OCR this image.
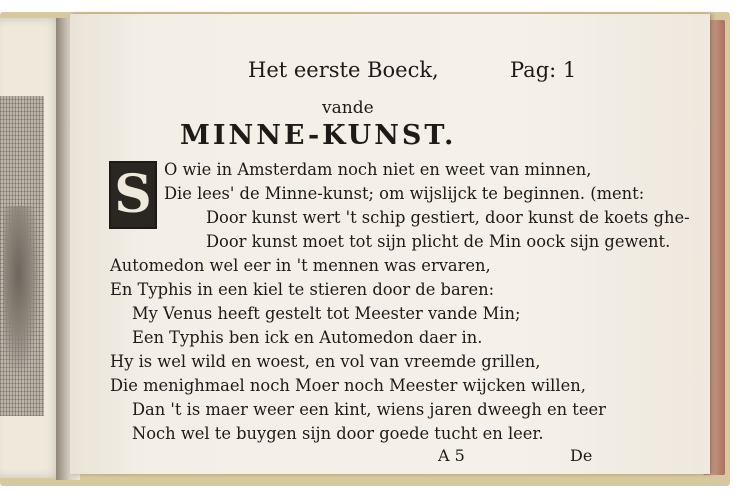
Het eerste Boeck,	Pag: 1
vande
MINNE-KUNST.
S O wie in Amsterdam noch niet en weet van minnen,
Die lees' de Minne-kunst; om wijslijck te beginnen. (ment:
Door kunst wert 't schip gestiert, door kunst de koets ghe-
Door kunst moet tot sijn plicht de Min oock sijn gewent.
Automedon wel eer in 't mennen was ervaren,
En Typhis in een kiel te stieren door de baren:
My Venus heeft gestelt tot Meester vande Min;
Een Typhis ben ick en Automedon daer in.
Hy is wel wild en woest, en vol van vreemde grillen,
Die menighmael noch Moer noch Meester wijcken willen,
Dan 't is maer weer een kint, wiens jaren dweegh en teer
Noch wel te buygen sijn door goede tucht en leer.
A 5	De
